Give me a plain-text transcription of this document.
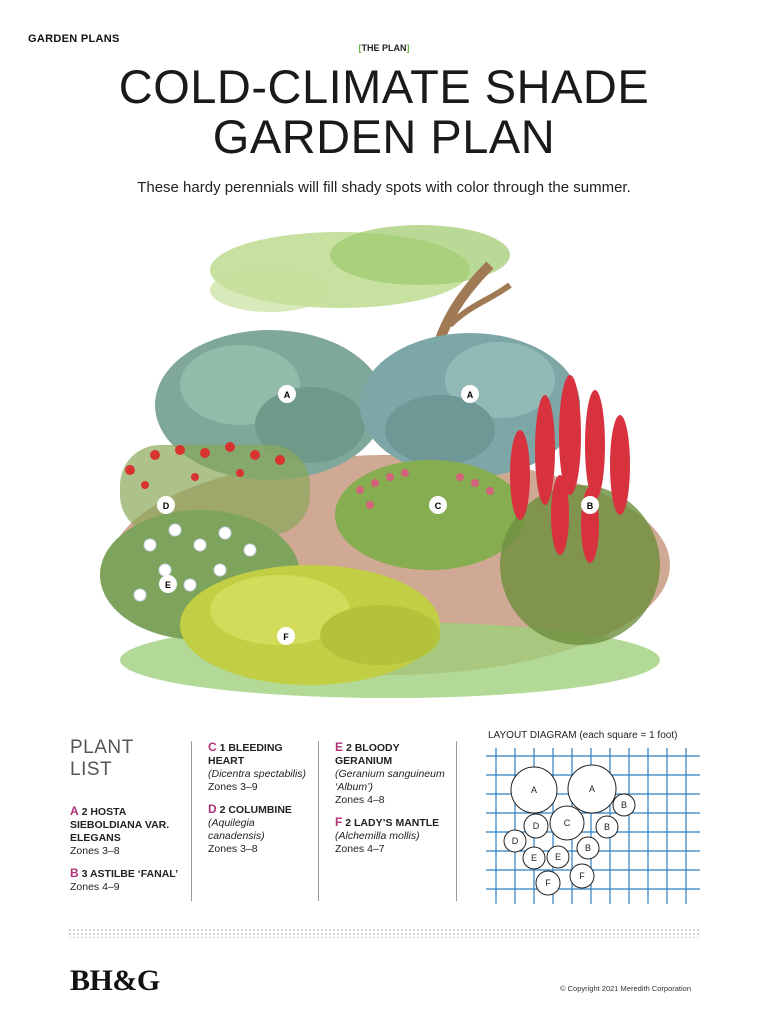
GARDEN PLANS
[THE PLAN]
COLD-CLIMATE SHADE
GARDEN PLAN
These hardy perennials will fill shady spots with color through the summer.
A	A
B
C
D
E
F
PLANT
LIST
A 2 HOSTA SIEBOLDIANA VAR. ELEGANS
Zones 3–8
B 3 ASTILBE ‘FANAL’ Zones 4–9
C 1 BLEEDING HEART
(Dicentra spectabilis)
Zones 3–9
D 2 COLUMBINE
(Aquilegia canadensis)
Zones 3–8
E 2 BLOODY GERANIUM
(Geranium sanguineum ‘Album’)
Zones 4–8
F 2 LADY’S MANTLE
(Alchemilla mollis)
Zones 4–7
LAYOUT DIAGRAM (each square = 1 foot)
A	A
B
B
B
C
D
D
E E
F
F
BH&G	© Copyright 2021 Meredith Corporation
